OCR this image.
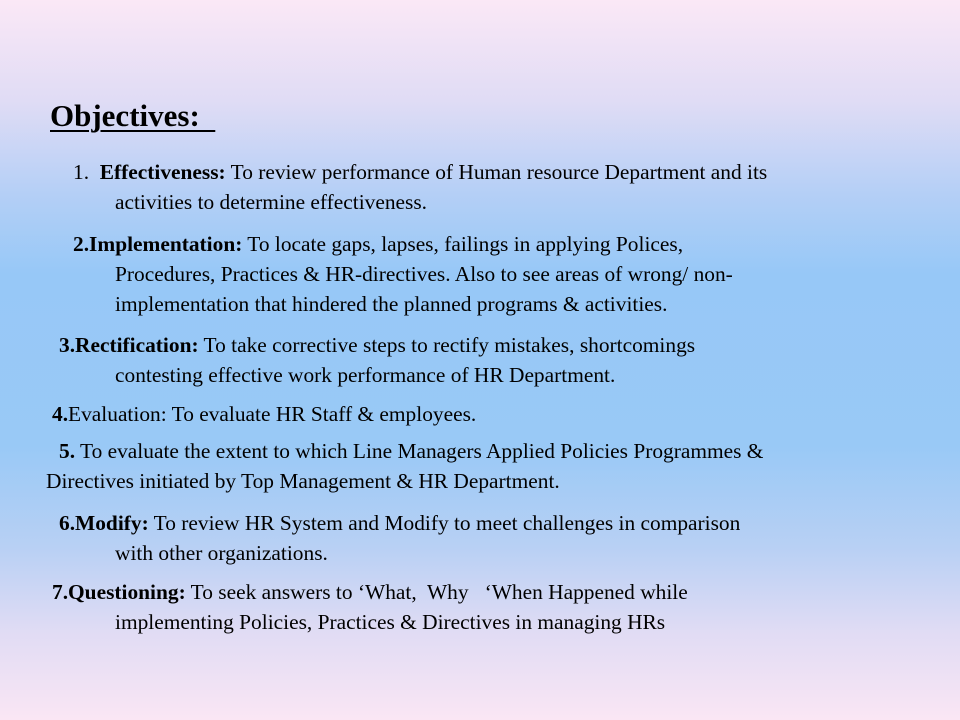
Objectives:
1.  Effectiveness: To review performance of Human resource Department and its
activities to determine effectiveness.
2.Implementation: To locate gaps, lapses, failings in applying Polices,
Procedures, Practices & HR-directives. Also to see areas of wrong/ non-
implementation that hindered the planned programs & activities.
3.Rectification: To take corrective steps to rectify mistakes, shortcomings
contesting effective work performance of HR Department.
4.Evaluation: To evaluate HR Staff & employees.
5. To evaluate the extent to which Line Managers Applied Policies Programmes &
Directives initiated by Top Management & HR Department.
6.Modify: To review HR System and Modify to meet challenges in comparison
with other organizations.
7.Questioning: To seek answers to ‘What,  Why   ‘When Happened while
implementing Policies, Practices & Directives in managing HRs
